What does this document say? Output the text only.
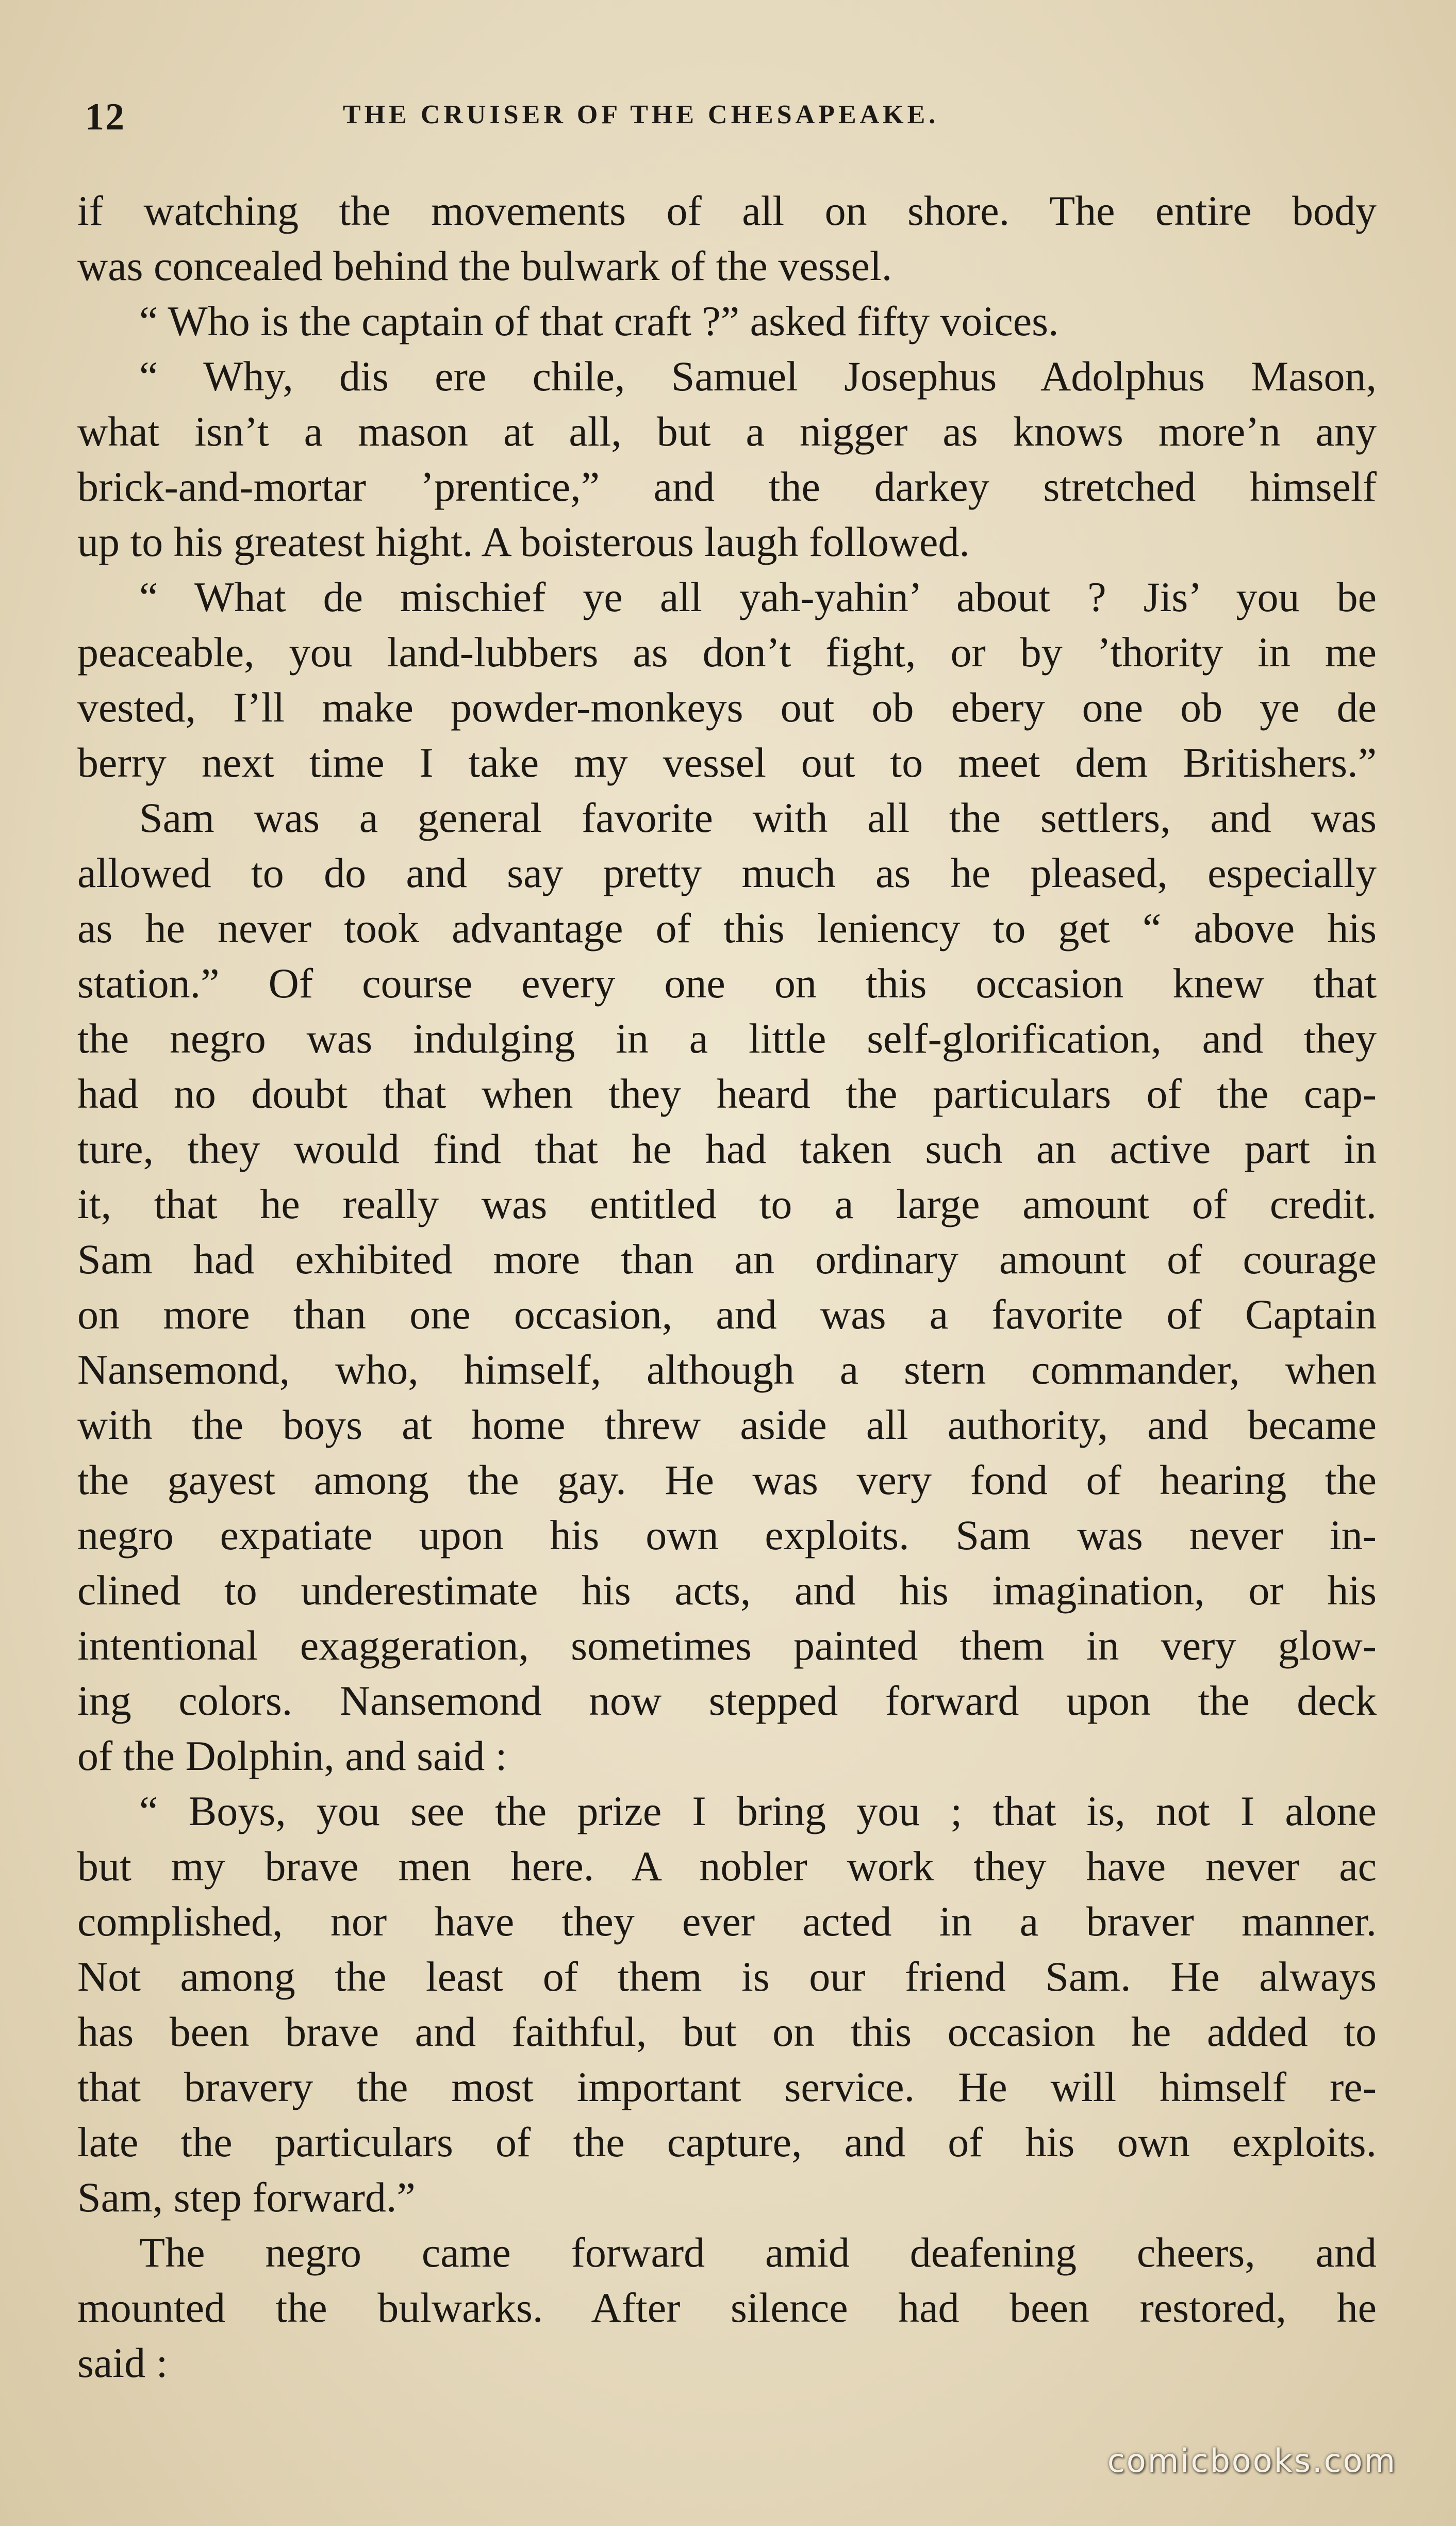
12	THE CRUISER OF THE CHESAPEAKE.
if watching the movements of all on shore. The entire body
was concealed behind the bulwark of the vessel.
“ Who is the captain of that craft ?” asked fifty voices.
“ Why, dis ere chile, Samuel Josephus Adolphus Mason,
what isn’t a mason at all, but a nigger as knows more’n any
brick-and-mortar ’prentice,” and the darkey stretched himself
up to his greatest hight. A boisterous laugh followed.
“ What de mischief ye all yah-yahin’ about ? Jis’ you be
peaceable, you land-lubbers as don’t fight, or by ’thority in me
vested, I’ll make powder-monkeys out ob ebery one ob ye de
berry next time I take my vessel out to meet dem Britishers.”
Sam was a general favorite with all the settlers, and was
allowed to do and say pretty much as he pleased, especially
as he never took advantage of this leniency to get “ above his
station.” Of course every one on this occasion knew that
the negro was indulging in a little self-glorification, and they
had no doubt that when they heard the particulars of the cap-
ture, they would find that he had taken such an active part in
it, that he really was entitled to a large amount of credit.
Sam had exhibited more than an ordinary amount of courage
on more than one occasion, and was a favorite of Captain
Nansemond, who, himself, although a stern commander, when
with the boys at home threw aside all authority, and became
the gayest among the gay. He was very fond of hearing the
negro expatiate upon his own exploits. Sam was never in-
clined to underestimate his acts, and his imagination, or his
intentional exaggeration, sometimes painted them in very glow-
ing colors. Nansemond now stepped forward upon the deck
of the Dolphin, and said :
“ Boys, you see the prize I bring you ; that is, not I alone
but my brave men here. A nobler work they have never ac
complished, nor have they ever acted in a braver manner.
Not among the least of them is our friend Sam. He always
has been brave and faithful, but on this occasion he added to
that bravery the most important service. He will himself re-
late the particulars of the capture, and of his own exploits.
Sam, step forward.”
The negro came forward amid deafening cheers, and
mounted the bulwarks. After silence had been restored, he
said :
comicbooks.com
